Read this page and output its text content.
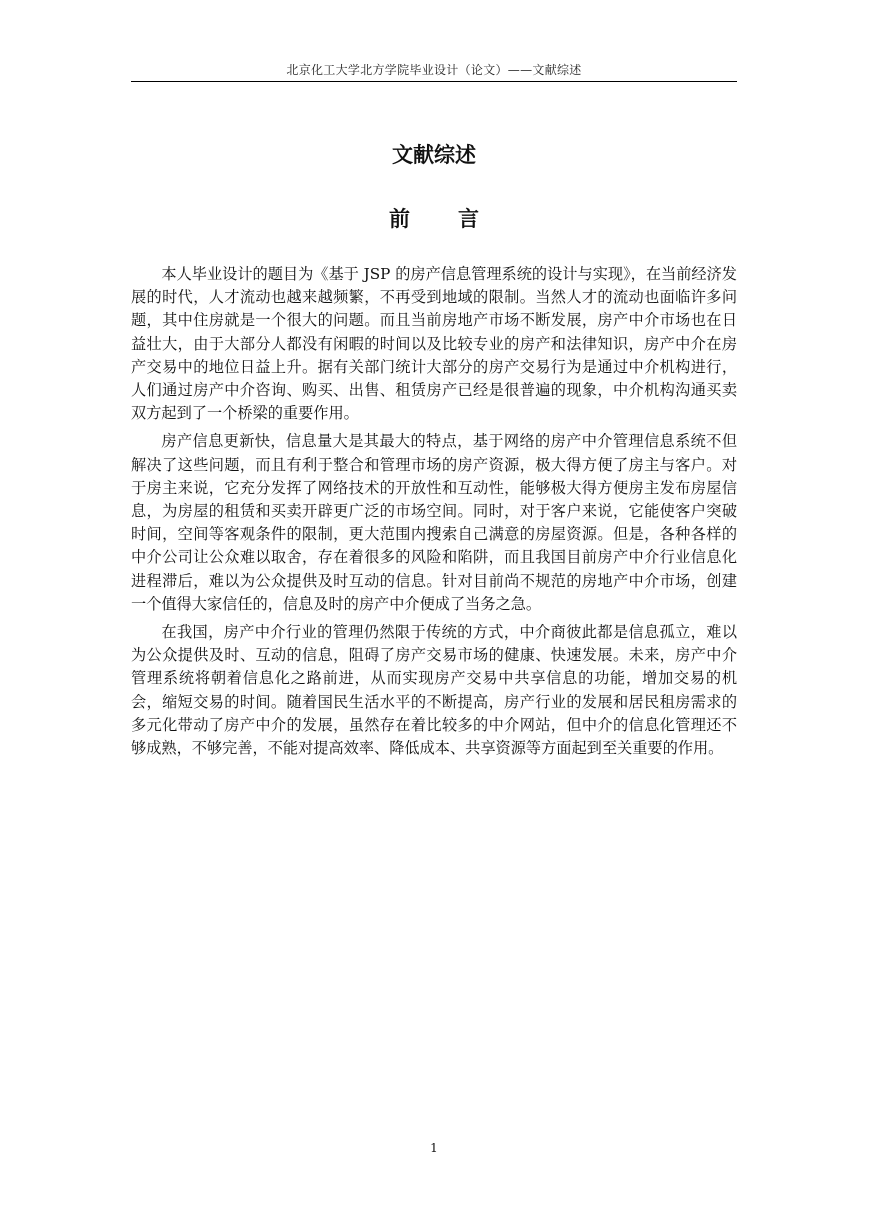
北京化工大学北方学院毕业设计（论文）——文献综述
文献综述
前言

本人毕业设计的题目为《基于 JSP 的房产信息管理系统的设计与实现》，在当前经济发展的时代，人才流动也越来越频繁，不再受到地域的限制。当然人才的流动也面临许多问题，其中住房就是一个很大的问题。而且当前房地产市场不断发展，房产中介市场也在日益壮大，由于大部分人都没有闲暇的时间以及比较专业的房产和法律知识，房产中介在房产交易中的地位日益上升。据有关部门统计大部分的房产交易行为是通过中介机构进行，人们通过房产中介咨询、购买、出售、租赁房产已经是很普遍的现象，中介机构沟通买卖双方起到了一个桥梁的重要作用。

房产信息更新快，信息量大是其最大的特点，基于网络的房产中介管理信息系统不但解决了这些问题，而且有利于整合和管理市场的房产资源，极大得方便了房主与客户。对于房主来说，它充分发挥了网络技术的开放性和互动性，能够极大得方便房主发布房屋信息，为房屋的租赁和买卖开辟更广泛的市场空间。同时，对于客户来说，它能使客户突破时间，空间等客观条件的限制，更大范围内搜索自己满意的房屋资源。但是，各种各样的中介公司让公众难以取舍，存在着很多的风险和陷阱，而且我国目前房产中介行业信息化进程滞后，难以为公众提供及时互动的信息。针对目前尚不规范的房地产中介市场，创建一个值得大家信任的，信息及时的房产中介便成了当务之急。

在我国，房产中介行业的管理仍然限于传统的方式，中介商彼此都是信息孤立，难以为公众提供及时、互动的信息，阻碍了房产交易市场的健康、快速发展。未来，房产中介管理系统将朝着信息化之路前进，从而实现房产交易中共享信息的功能，增加交易的机会，缩短交易的时间。随着国民生活水平的不断提高，房产行业的发展和居民租房需求的多元化带动了房产中介的发展，虽然存在着比较多的中介网站，但中介的信息化管理还不够成熟，不够完善，不能对提高效率、降低成本、共享资源等方面起到至关重要的作用。

1
